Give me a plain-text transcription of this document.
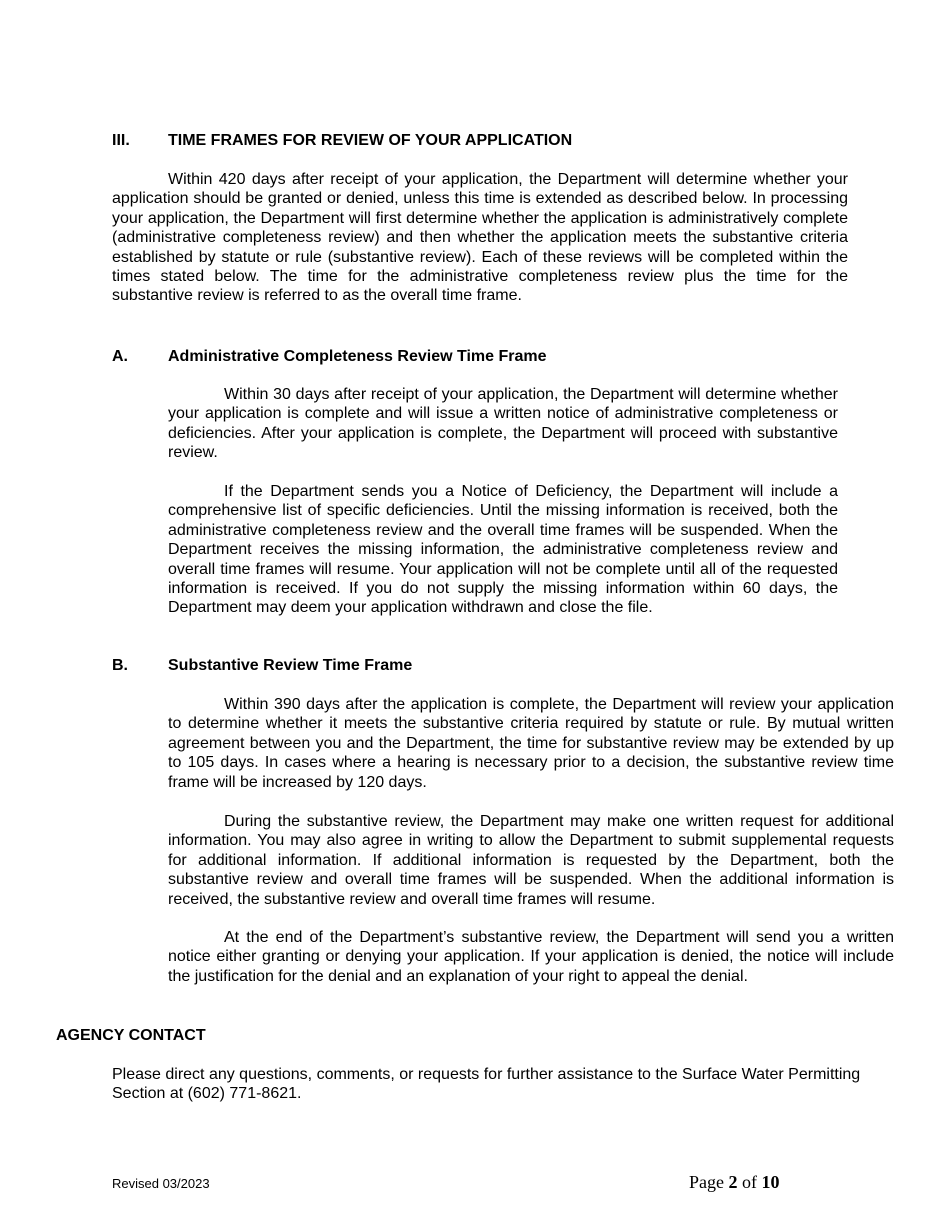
III. TIME FRAMES FOR REVIEW OF YOUR APPLICATION

Within 420 days after receipt of your application, the Department will determine whether your application should be granted or denied, unless this time is extended as described below. In processing your application, the Department will first determine whether the application is administratively complete (administrative completeness review) and then whether the application meets the substantive criteria established by statute or rule (substantive review). Each of these reviews will be completed within the times stated below. The time for the administrative completeness review plus the time for the substantive review is referred to as the overall time frame.

A.	Administrative Completeness Review Time Frame

Within 30 days after receipt of your application, the Department will determine whether your application is complete and will issue a written notice of administrative completeness or deficiencies. After your application is complete, the Department will proceed with substantive review.

If the Department sends you a Notice of Deficiency, the Department will include a comprehensive list of specific deficiencies. Until the missing information is received, both the administrative completeness review and the overall time frames will be suspended. When the Department receives the missing information, the administrative completeness review and overall time frames will resume. Your application will not be complete until all of the requested information is received. If you do not supply the missing information within 60 days, the Department may deem your application withdrawn and close the file.

B.	Substantive Review Time Frame

Within 390 days after the application is complete, the Department will review your application to determine whether it meets the substantive criteria required by statute or rule. By mutual written agreement between you and the Department, the time for substantive review may be extended by up to 105 days. In cases where a hearing is necessary prior to a decision, the substantive review time frame will be increased by 120 days.

During the substantive review, the Department may make one written request for additional information. You may also agree in writing to allow the Department to submit supplemental requests for additional information. If additional information is requested by the Department, both the substantive review and overall time frames will be suspended. When the additional information is received, the substantive review and overall time frames will resume.

At the end of the Department’s substantive review, the Department will send you a written notice either granting or denying your application. If your application is denied, the notice will include the justification for the denial and an explanation of your right to appeal the denial.

AGENCY CONTACT

Please direct any questions, comments, or requests for further assistance to the Surface Water Permitting Section at (602) 771-8621.

Revised 03/2023	Page 2 of 10
